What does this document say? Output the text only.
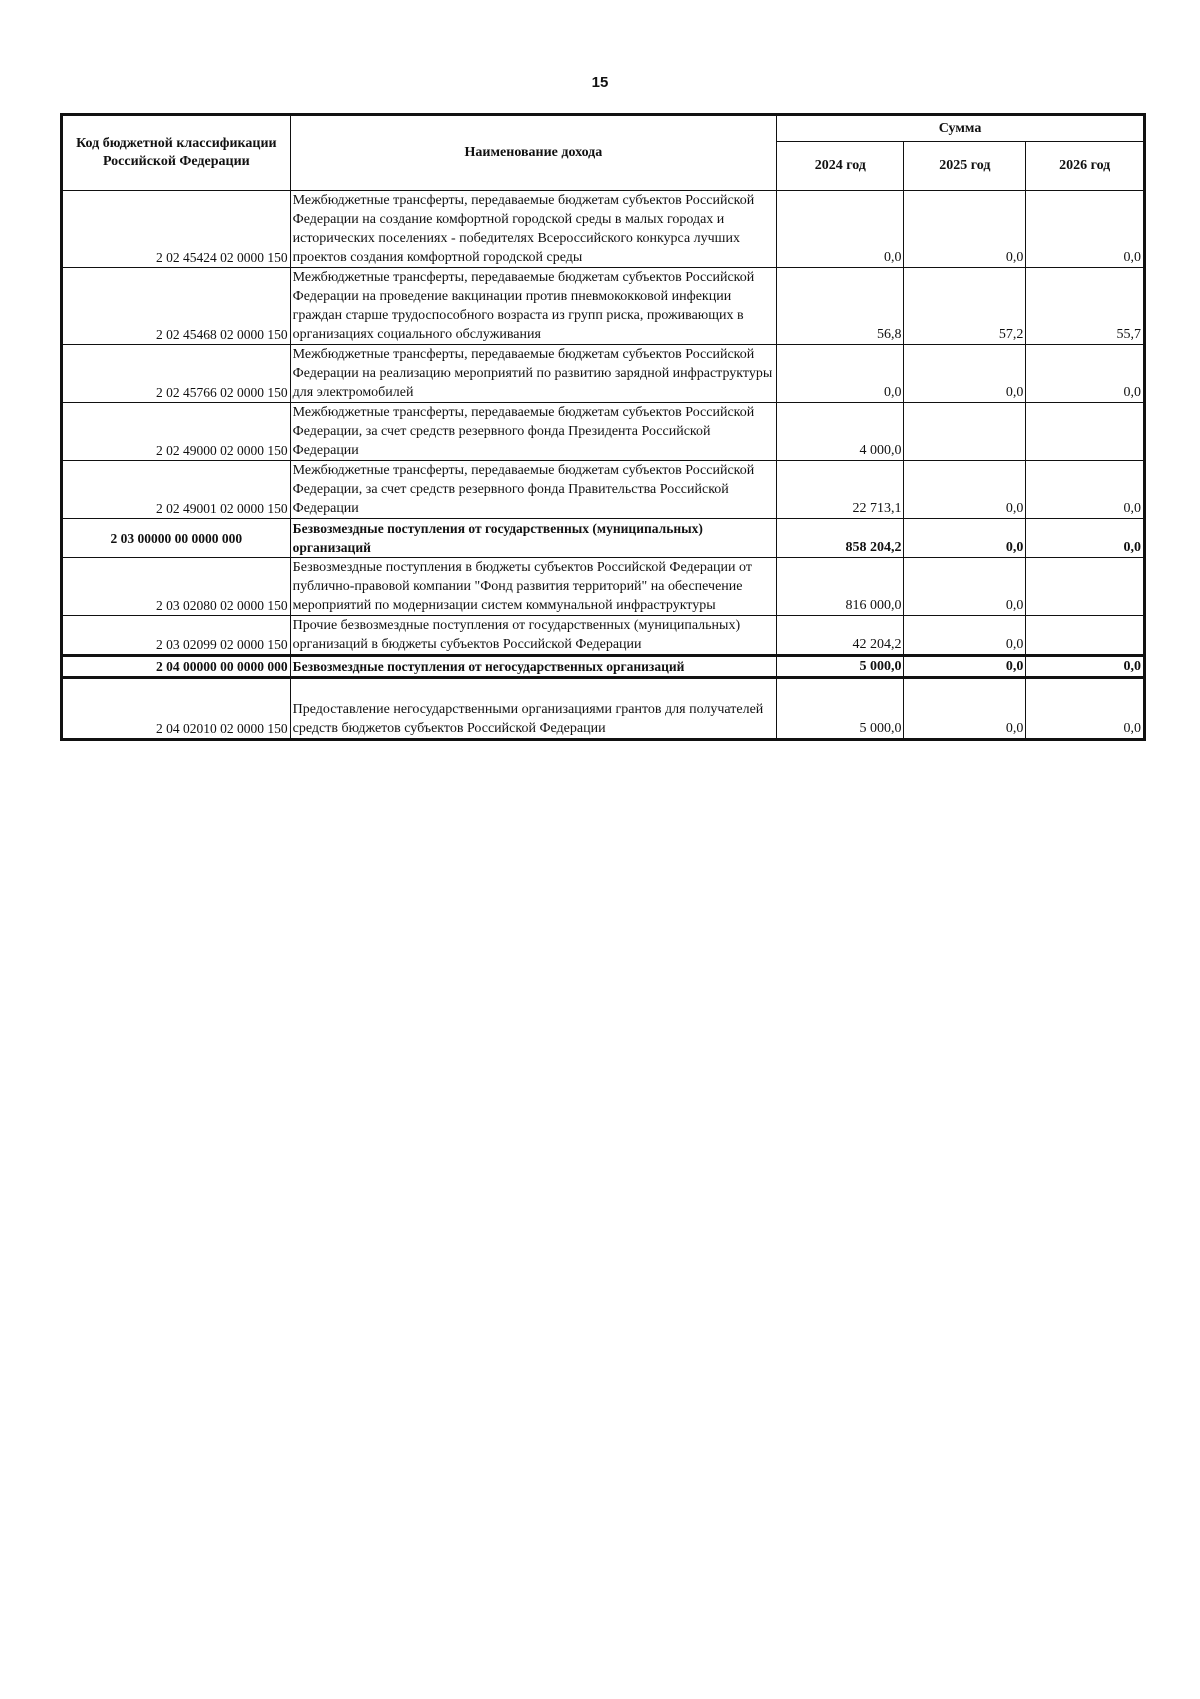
15
Код бюджетной классификации Российской Федерации	Наименование дохода	Сумма		
		2024 год	2025 год	2026 год
2 02 45424 02 0000 150	Межбюджетные трансферты, передаваемые бюджетам субъектов Российской Федерации на создание комфортной городской среды в малых городах и исторических поселениях - победителях Всероссийского конкурса лучших проектов создания комфортной городской среды	0,0	0,0	0,0
2 02 45468 02 0000 150	Межбюджетные трансферты, передаваемые бюджетам субъектов Российской Федерации на проведение вакцинации против пневмококковой инфекции граждан старше трудоспособного возраста из групп риска, проживающих в организациях социального обслуживания	56,8	57,2	55,7
2 02 45766 02 0000 150	Межбюджетные трансферты, передаваемые бюджетам субъектов Российской Федерации на реализацию мероприятий по развитию зарядной инфраструктуры для электромобилей	0,0	0,0	0,0
2 02 49000 02 0000 150	Межбюджетные трансферты, передаваемые бюджетам субъектов Российской Федерации, за счет средств резервного фонда Президента Российской Федерации	4 000,0		
2 02 49001 02 0000 150	Межбюджетные трансферты, передаваемые бюджетам субъектов Российской Федерации, за счет средств резервного фонда Правительства Российской Федерации	22 713,1	0,0	0,0
2 03 00000 00 0000 000	Безвозмездные поступления от государственных (муниципальных) организаций	858 204,2	0,0	0,0
2 03 02080 02 0000 150	Безвозмездные поступления в бюджеты субъектов Российской Федерации от публично-правовой компании "Фонд развития территорий" на обеспечение мероприятий по модернизации систем коммунальной инфраструктуры	816 000,0	0,0	
2 03 02099 02 0000 150	Прочие безвозмездные поступления от государственных (муниципальных) организаций в бюджеты субъектов Российской Федерации	42 204,2	0,0	
2 04 00000 00 0000 000	Безвозмездные поступления от негосударственных организаций	5 000,0	0,0	0,0
2 04 02010 02 0000 150	Предоставление негосударственными организациями грантов для получателей средств бюджетов субъектов Российской Федерации	5 000,0	0,0	0,0
